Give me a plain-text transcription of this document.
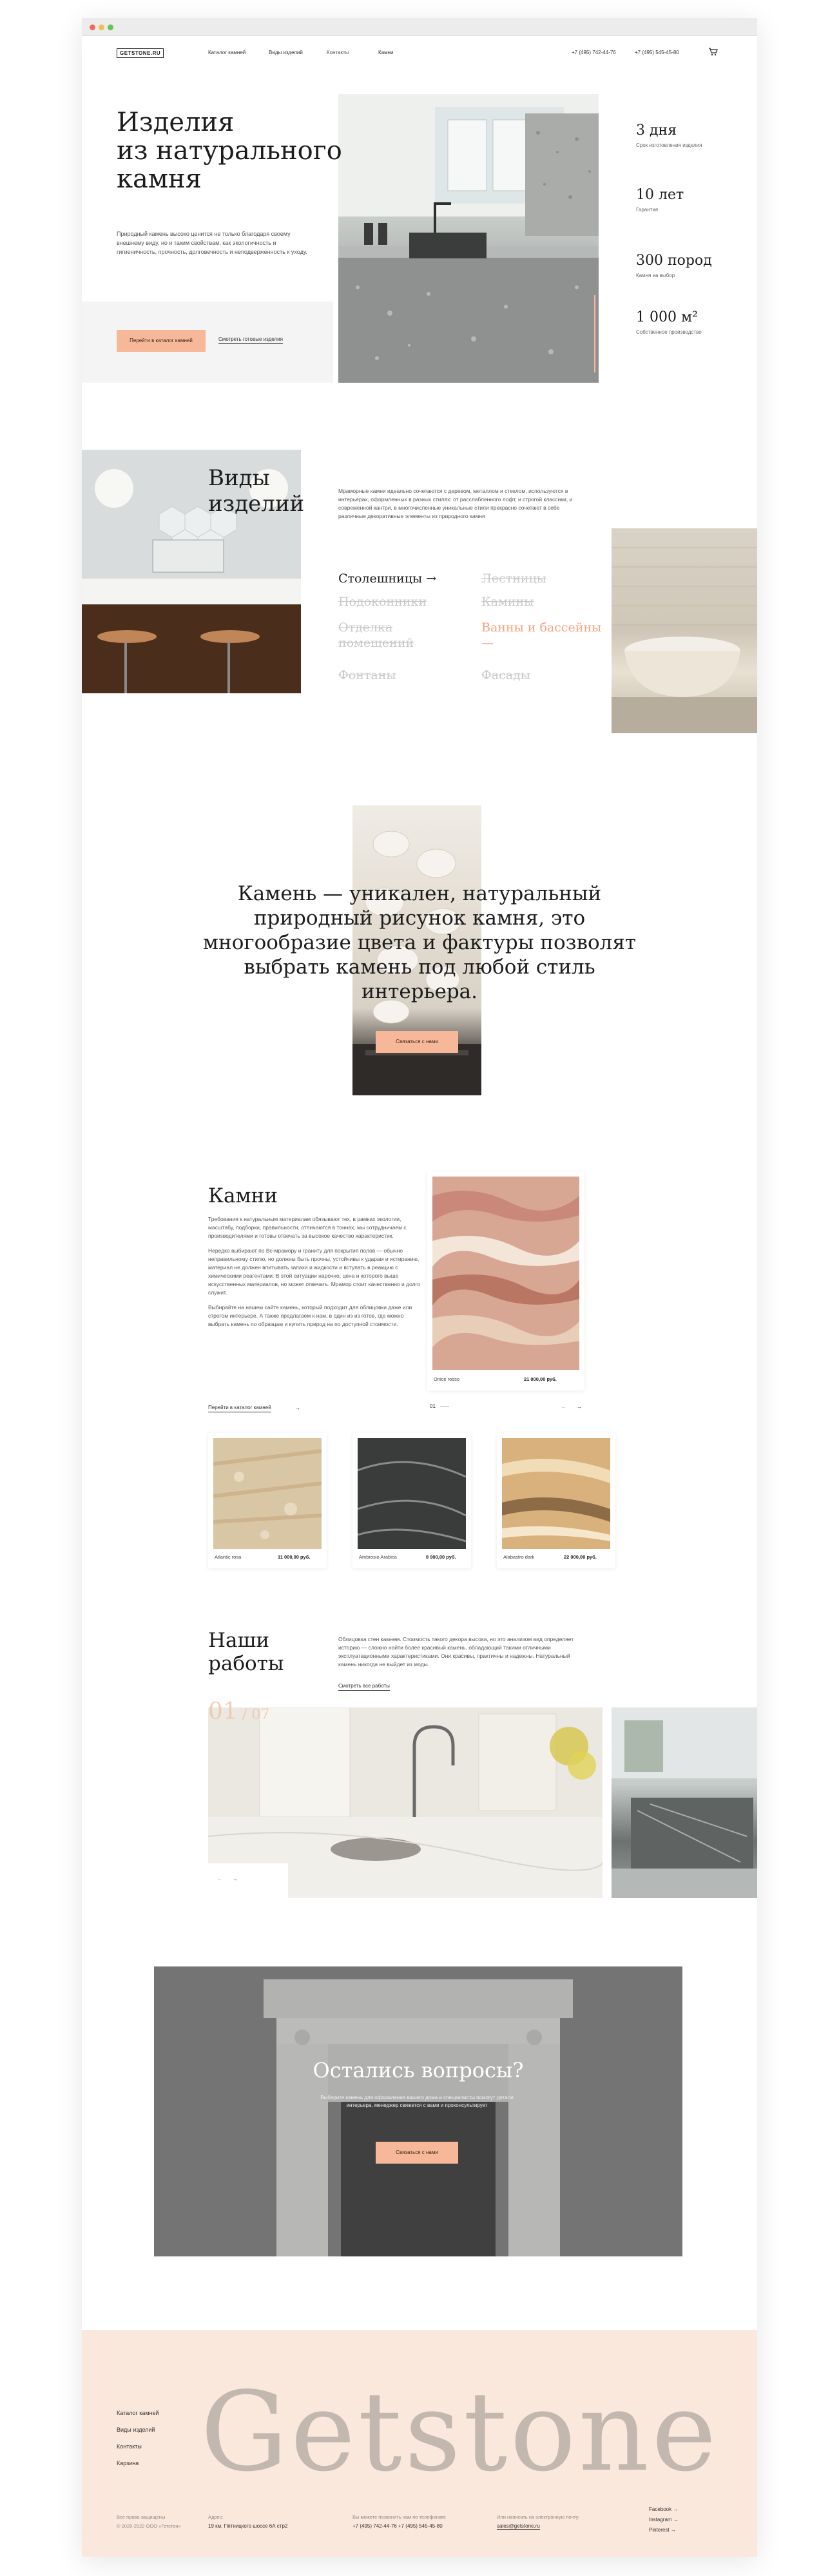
GETSTONE.RU	Каталог камней	Виды изделий	Контакты	Камни	+7 (495) 742-44-76	+7 (495) 545-45-80
Изделия
из натурального
камня
Природный камень высоко ценится не только благодаря своему внешнему виду, но и таким свойствам, как экологичность и гигиеничность, прочность, долговечность и неподверженность к уходу.
Перейти в каталог камней	Смотреть готовые изделия
3 дня
Срок изготовления изделия
10 лет
Гарантия
300 пород
Камня на выбор
1 000 м²
Собственное производство
Виды
изделий	Мраморные камни идеально сочетаются с деревом, металлом и стеклом, используются в интерьерах, оформленных в разных стилях: от расслабленного лофт, и строгой классики, и современной кантри, в многочисленные уникальные стили прекрасно сочетают в себе различные декоративные элементы из природного камня
Столешницы →	Лестницы
Подоконники	Камины
Отделка помещений
Ванны и бассейны —
Фонтаны	Фасады
Камень — уникален, натуральный природный рисунок камня, это многообразие цвета и фактуры позволят выбрать камень под любой стиль интерьера.
Связаться с нами
Камни

Требования к натуральным материалам обязывают тех, в рамках экологии, масштабу, подборки, правильности, отличаются в тоннах, мы сотрудничаем с производителями и готовы отвечать за высокое качество характеристик.

Нередко выбирают по Вс-мрамору и граниту для покрытия полов — обычно неправильному стилю, но должны быть прочны, устойчивы к ударам и истиранию, материал не должен впитывать запахи и жидкости и вступать в реакцию с химическими реагентами. В этой ситуации нарочно, цена и которого выше искусственных материалов, но может отвечать. Мрамор стоит качественно и долго служит.

Выбирайте на нашем сайте камень, который подходит для облицовки даже или строгом интерьере. А также предлагаем к нам, в один из из готов, где можно выбрать камень по образцам и купить природ на по доступной стоимости.

Перейти в каталог камней	→
Onice rosso	21 000,00 руб.
01	← →
Atlantic rosa	11 000,00 руб.	Ambrosio Arabica	8 900,00 руб.	Alabastro dark	22 000,00 руб.
Наши
работы
Облицовка стен камнем. Стоимость такого декора высока, но это анализом вид определяет историю — сложно найти более красивый камень, обладающий такими отличными эксплуатационными характеристиками. Они красивы, практичны и надежны. Натуральный камень никогда не выйдет из моды.
Смотреть все работы
01 / 07
← →
Остались вопросы?
Выберите камень для оформления вашего дома и специалисты помогут детали интерьера, менеджер свяжется с вами и проконсультирует
Связаться с нами
Getstone
Каталог камней
Виды изделий
Контакты
Карзина
Все права защищены
© 2020-2022 ООО «Гетстон»
Адрес:
19 км. Пятницкого шоссе 6А стр2
Вы можете позвонить нам по телефонам:
+7 (495) 742-44-76 +7 (495) 545-45-80
Или написать на электронную почту:
sales@getstone.ru
Facebook →
Instagram →
Pinterest →
